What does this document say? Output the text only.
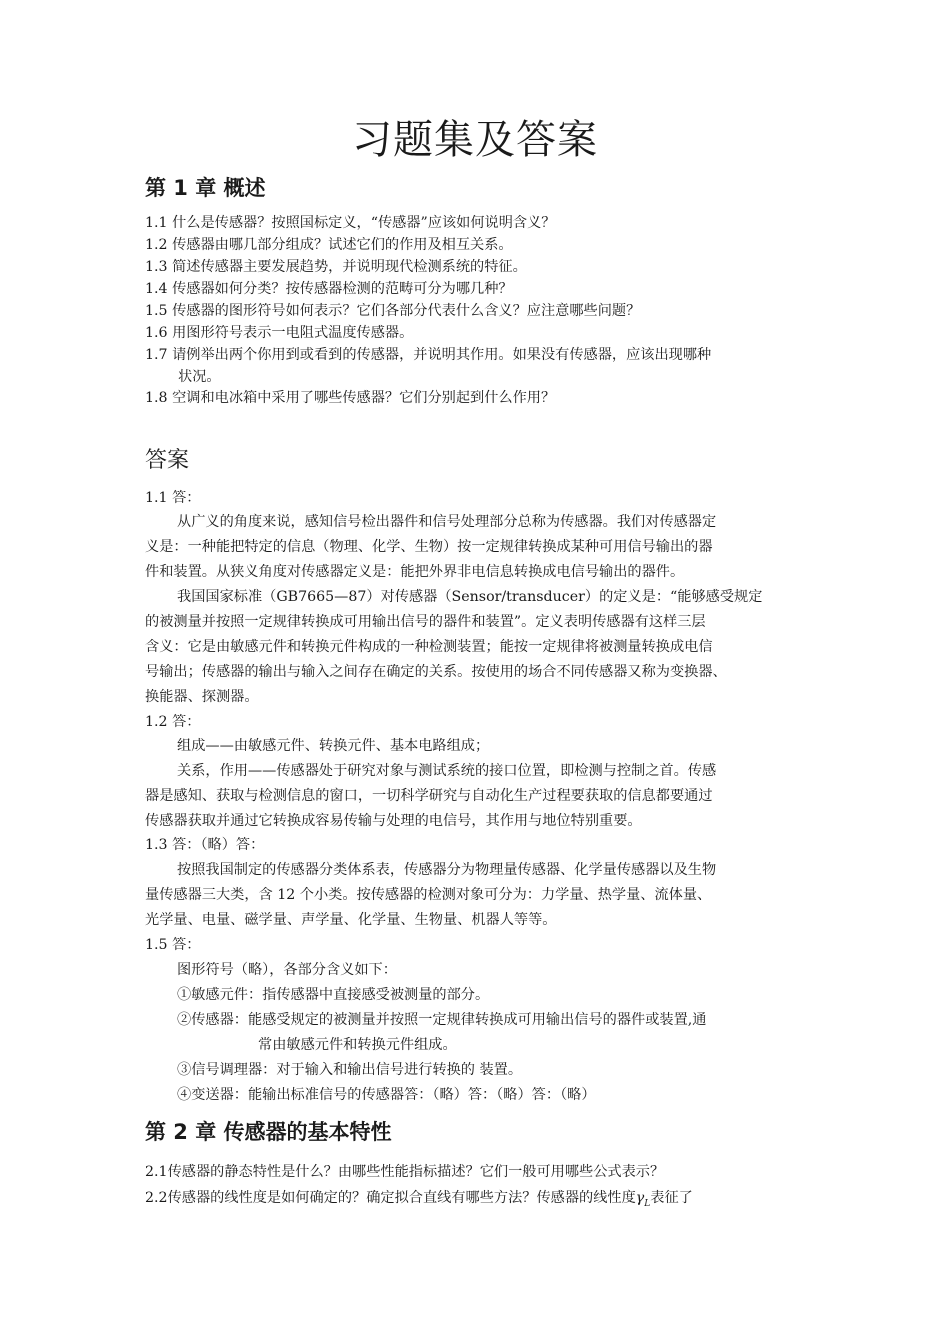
习题集及答案
第 1 章 概述
1.1 什么是传感器？按照国标定义，“传感器”应该如何说明含义？
1.2 传感器由哪几部分组成？试述它们的作用及相互关系。
1.3 简述传感器主要发展趋势，并说明现代检测系统的特征。
1.4 传感器如何分类？按传感器检测的范畴可分为哪几种？
1.5 传感器的图形符号如何表示？它们各部分代表什么含义？应注意哪些问题？
1.6 用图形符号表示一电阻式温度传感器。
1.7 请例举出两个你用到或看到的传感器，并说明其作用。如果没有传感器，应该出现哪种
状况。
1.8 空调和电冰箱中采用了哪些传感器？它们分别起到什么作用？
答案
1.1 答：
从广义的角度来说，感知信号检出器件和信号处理部分总称为传感器。我们对传感器定
义是：一种能把特定的信息（物理、化学、生物）按一定规律转换成某种可用信号输出的器
件和装置。从狭义角度对传感器定义是：能把外界非电信息转换成电信号输出的器件。
我国国家标准（GB7665—87）对传感器（Sensor/transducer）的定义是：“能够感受规定
的被测量并按照一定规律转换成可用输出信号的器件和装置”。定义表明传感器有这样三层
含义：它是由敏感元件和转换元件构成的一种检测装置；能按一定规律将被测量转换成电信
号输出；传感器的输出与输入之间存在确定的关系。按使用的场合不同传感器又称为变换器、
换能器、探测器。
1.2 答：
组成——由敏感元件、转换元件、基本电路组成；
关系，作用——传感器处于研究对象与测试系统的接口位置，即检测与控制之首。传感
器是感知、获取与检测信息的窗口，一切科学研究与自动化生产过程要获取的信息都要通过
传感器获取并通过它转换成容易传输与处理的电信号，其作用与地位特别重要。
1.3 答：（略）答：
按照我国制定的传感器分类体系表，传感器分为物理量传感器、化学量传感器以及生物
量传感器三大类，含 12 个小类。按传感器的检测对象可分为：力学量、热学量、流体量、
光学量、电量、磁学量、声学量、化学量、生物量、机器人等等。
1.5 答：
图形符号（略），各部分含义如下：
①敏感元件：指传感器中直接感受被测量的部分。
②传感器：能感受规定的被测量并按照一定规律转换成可用输出信号的器件或装置,通
常由敏感元件和转换元件组成。
③信号调理器：对于输入和输出信号进行转换的 装置。
④变送器：能输出标准信号的传感器答：（略）答：（略）答：（略）
第 2 章 传感器的基本特性
2.1传感器的静态特性是什么？由哪些性能指标描述？它们一般可用哪些公式表示？
2.2传感器的线性度是如何确定的？确定拟合直线有哪些方法？传感器的线性度$\gamma_L$表征了
